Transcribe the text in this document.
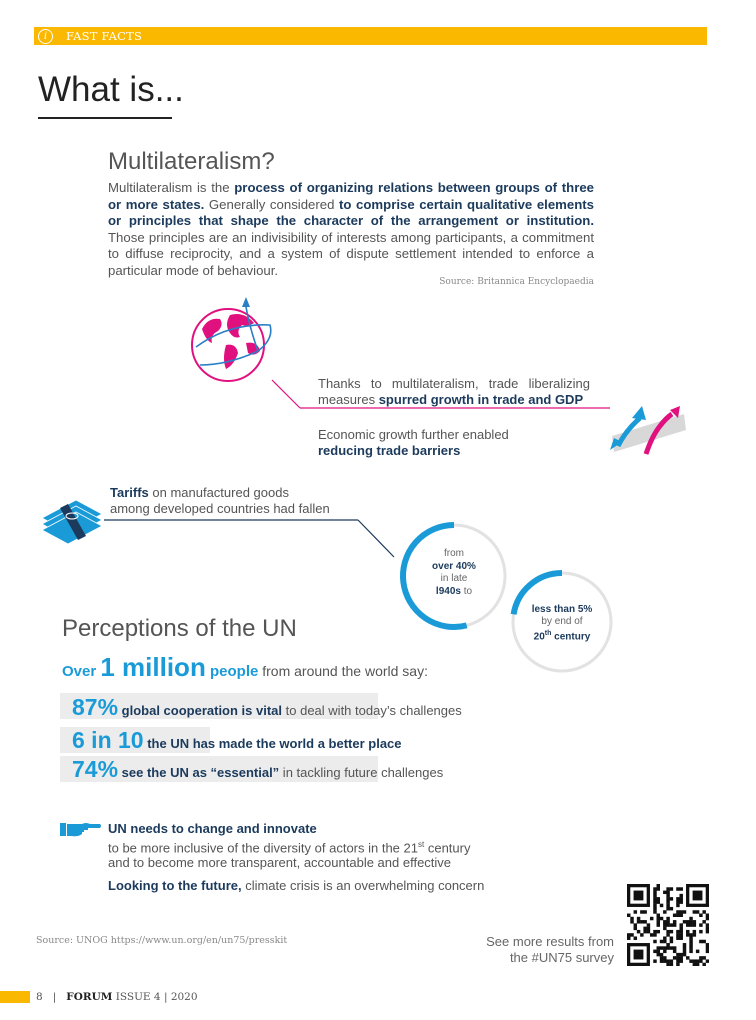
i	FAST FACTS
What is...
Multilateralism?
Multilateralism is the process of organizing relations between groups of three or more states. Generally considered to comprise certain qualitative elements or principles that shape the character of the arrangement or institution. Those principles are an indivisibility of interests among participants, a commitment to diffuse reciprocity, and a system of dispute settlement intended to enforce a particular mode of behaviour.
Source: Britannica Encyclopaedia
Thanks to multilateralism, trade liberalizing measures spurred growth in trade and GDP
Economic growth further enabled
reducing trade barriers
Tariffs on manufactured goods
among developed countries had fallen
from
over 40%
in late
l940s to
less than 5%
by end of
20th century
Perceptions of the UN
Over 1 million people from around the world say:
87% global cooperation is vital to deal with today’s challenges
6 in 10 the UN has made the world a better place
74% see the UN as “essential” in tackling future challenges
UN needs to change and innovate
to be more inclusive of the diversity of actors in the 21st century
and to become more transparent, accountable and effective
Looking to the future, climate crisis is an overwhelming concern
Source: UNOG https://www.un.org/en/un75/presskit	See more results from
the #UN75 survey
8 | FORUM ISSUE 4 | 2020
